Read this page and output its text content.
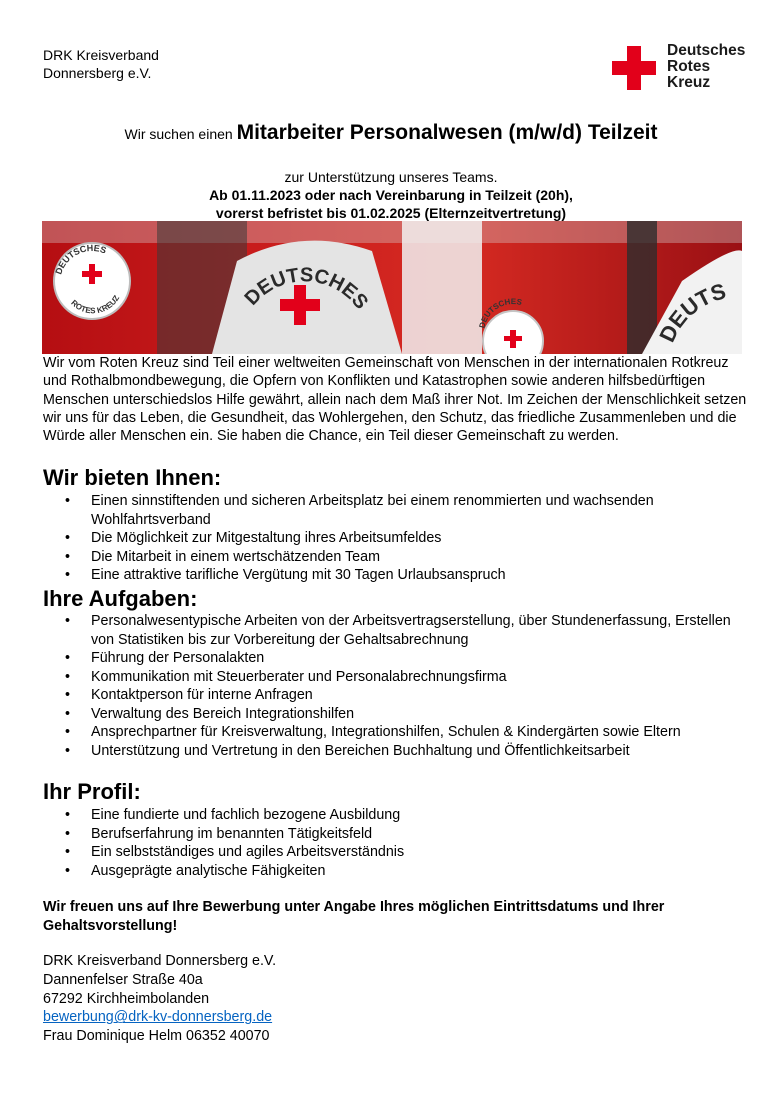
DRK Kreisverband
Donnersberg e.V.
Deutsches
Rotes
Kreuz
Wir suchen einen Mitarbeiter Personalwesen (m/w/d) Teilzeit
zur Unterstützung unseres Teams.
Ab 01.11.2023 oder nach Vereinbarung in Teilzeit (20h),
vorerst befristet bis 01.02.2025 (Elternzeitvertretung)
DEUTSCHES
ROTES KREUZ	DEUTSCHES
DEUTSCHES
DEUTS
Wir vom Roten Kreuz sind Teil einer weltweiten Gemeinschaft von Menschen in der internationalen Rotkreuz und Rothalbmondbewegung, die Opfern von Konflikten und Katastrophen sowie anderen hilfsbedürftigen Menschen unterschiedslos Hilfe gewährt, allein nach dem Maß ihrer Not. Im Zeichen der Menschlichkeit setzen wir uns für das Leben, die Gesundheit, das Wohlergehen, den Schutz, das friedliche Zusammenleben und die Würde aller Menschen ein. Sie haben die Chance, ein Teil dieser Gemeinschaft zu werden.
Wir bieten Ihnen:
• Einen sinnstiftenden und sicheren Arbeitsplatz bei einem renommierten und wachsenden Wohlfahrtsverband
• Die Möglichkeit zur Mitgestaltung ihres Arbeitsumfeldes
• Die Mitarbeit in einem wertschätzenden Team
• Eine attraktive tarifliche Vergütung mit 30 Tagen Urlaubsanspruch
Ihre Aufgaben:
• Personalwesentypische Arbeiten von der Arbeitsvertragserstellung, über Stundenerfassung, Erstellen von Statistiken bis zur Vorbereitung der Gehaltsabrechnung
• Führung der Personalakten
• Kommunikation mit Steuerberater und Personalabrechnungsfirma
• Kontaktperson für interne Anfragen
• Verwaltung des Bereich Integrationshilfen
• Ansprechpartner für Kreisverwaltung, Integrationshilfen, Schulen & Kindergärten sowie Eltern
• Unterstützung und Vertretung in den Bereichen Buchhaltung und Öffentlichkeitsarbeit
Ihr Profil:
• Eine fundierte und fachlich bezogene Ausbildung
• Berufserfahrung im benannten Tätigkeitsfeld
• Ein selbstständiges und agiles Arbeitsverständnis
• Ausgeprägte analytische Fähigkeiten
Wir freuen uns auf Ihre Bewerbung unter Angabe Ihres möglichen Eintrittsdatums und Ihrer Gehaltsvorstellung!
DRK Kreisverband Donnersberg e.V.
Dannenfelser Straße 40a
67292 Kirchheimbolanden
bewerbung@drk-kv-donnersberg.de
Frau Dominique Helm 06352 40070
